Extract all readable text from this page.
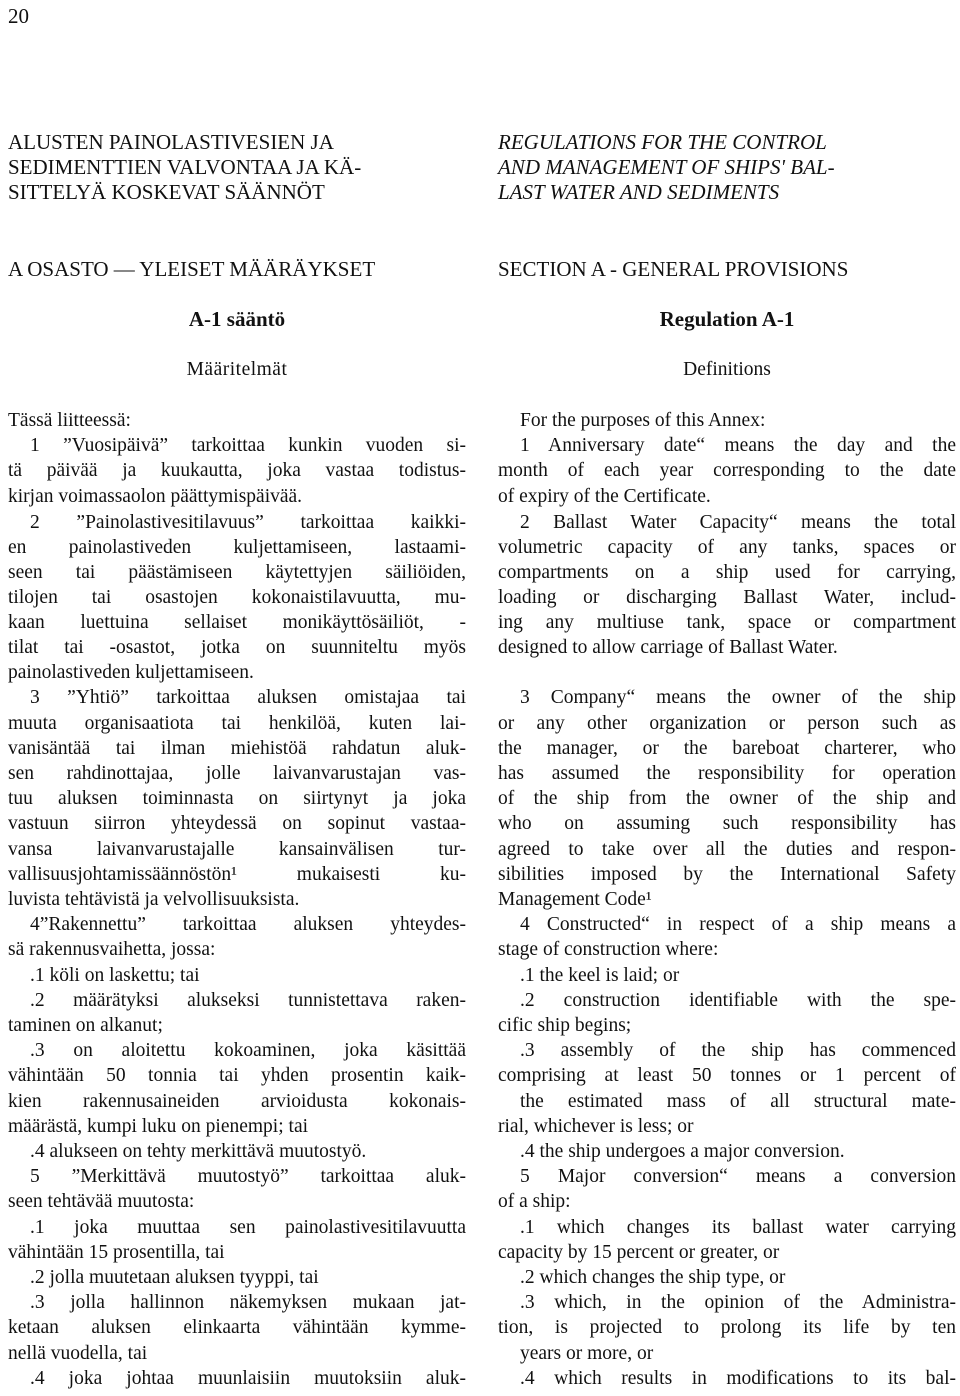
20
ALUSTEN PAINOLASTIVESIEN JA
SEDIMENTTIEN VALVONTAA JA KÄ-
SITTELYÄ KOSKEVAT SÄÄNNÖT
A OSASTO — YLEISET MÄÄRÄYKSET
A-1 sääntö
Määritelmät
Tässä liitteessä:
1 ”Vuosipäivä” tarkoittaa kunkin vuoden si-
tä päivää ja kuukautta, joka vastaa todistus-
kirjan voimassaolon päättymispäivää.
2 ”Painolastivesitilavuus” tarkoittaa kaikki-
en painolastiveden kuljettamiseen, lastaami-
seen tai päästämiseen käytettyjen säiliöiden,
tilojen tai osastojen kokonaistilavuutta, mu-
kaan luettuina sellaiset monikäyttösäiliöt, -
tilat tai -osastot, jotka on suunniteltu myös
painolastiveden kuljettamiseen.
3 ”Yhtiö” tarkoittaa aluksen omistajaa tai
muuta organisaatiota tai henkilöä, kuten lai-
vanisäntää tai ilman miehistöä rahdatun aluk-
sen rahdinottajaa, jolle laivanvarustajan vas-
tuu aluksen toiminnasta on siirtynyt ja joka
vastuun siirron yhteydessä on sopinut vastaa-
vansa laivanvarustajalle kansainvälisen tur-
vallisuusjohtamissäännöstön¹ mukaisesti ku-
luvista tehtävistä ja velvollisuuksista.
4”Rakennettu” tarkoittaa aluksen yhteydes-
sä rakennusvaihetta, jossa:
.1 köli on laskettu; tai
.2 määrätyksi alukseksi tunnistettava raken-
taminen on alkanut;
.3 on aloitettu kokoaminen, joka käsittää
vähintään 50 tonnia tai yhden prosentin kaik-
kien rakennusaineiden arvioidusta kokonais-
määrästä, kumpi luku on pienempi; tai
.4 alukseen on tehty merkittävä muutostyö.
5 ”Merkittävä muutostyö” tarkoittaa aluk-
seen tehtävää muutosta:
.1 joka muuttaa sen painolastivesitilavuutta
vähintään 15 prosentilla, tai
.2 jolla muutetaan aluksen tyyppi, tai
.3 jolla hallinnon näkemyksen mukaan jat-
ketaan aluksen elinkaarta vähintään kymme-
nellä vuodella, tai
.4 joka johtaa muunlaisiin muutoksiin aluk-
REGULATIONS FOR THE CONTROL
AND MANAGEMENT OF SHIPS' BAL-
LAST WATER AND SEDIMENTS
SECTION A - GENERAL PROVISIONS
Regulation A-1
Definitions
For the purposes of this Annex:
1 Anniversary date“ means the day and the
month of each year corresponding to the date
of expiry of the Certificate.
2 Ballast Water Capacity“ means the total
volumetric capacity of any tanks, spaces or
compartments on a ship used for carrying,
loading or discharging Ballast Water, includ-
ing any multiuse tank, space or compartment
designed to allow carriage of Ballast Water.
3 Company“ means the owner of the ship
or any other organization or person such as
the manager, or the bareboat charterer, who
has assumed the responsibility for operation
of the ship from the owner of the ship and
who on assuming such responsibility has
agreed to take over all the duties and respon-
sibilities imposed by the International Safety
Management Code¹
4 Constructed“ in respect of a ship means a
stage of construction where:
.1 the keel is laid; or
.2 construction identifiable with the spe-
cific ship begins;
.3 assembly of the ship has commenced
comprising at least 50 tonnes or 1 percent of
the estimated mass of all structural mate-
rial, whichever is less; or
.4 the ship undergoes a major conversion.
5 Major conversion“ means a conversion
of a ship:
.1 which changes its ballast water carrying
capacity by 15 percent or greater, or
.2 which changes the ship type, or
.3 which, in the opinion of the Administra-
tion, is projected to prolong its life by ten
years or more, or
.4 which results in modifications to its bal-
